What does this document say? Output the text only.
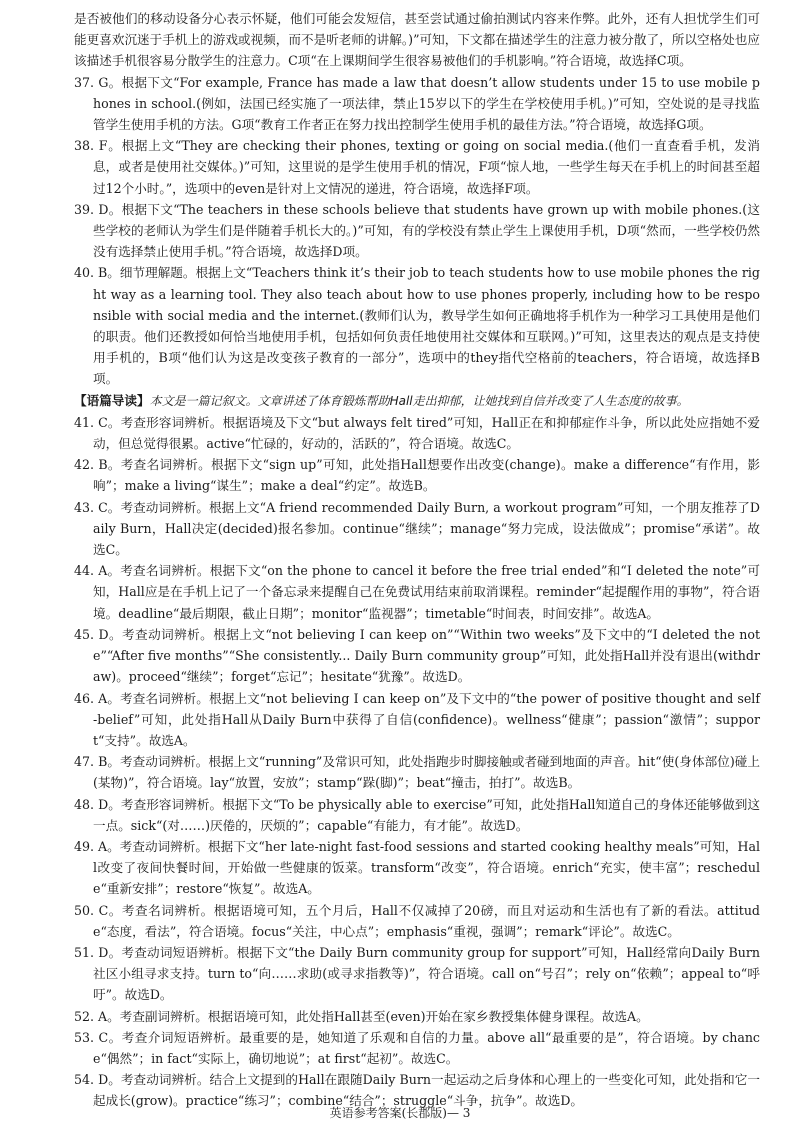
是否被他们的移动设备分心表示怀疑，他们可能会发短信，甚至尝试通过偷拍测试内容来作弊。此外，还有人担忧学生们可能更喜欢沉迷于手机上的游戏或视频，而不是听老师的讲解。)”可知，下文都在描述学生的注意力被分散了，所以空格处也应该描述手机很容易分散学生的注意力。C项“在上课期间学生很容易被他们的手机影响。”符合语境，故选择C项。

37. G。根据下文“For example, France has made a law that doesn’t allow students under 15 to use mobile phones in school.(例如，法国已经实施了一项法律，禁止15岁以下的学生在学校使用手机。)”可知，空处说的是寻找监管学生使用手机的方法。G项“教育工作者正在努力找出控制学生使用手机的最佳方法。”符合语境，故选择G项。

38. F。根据上文“They are checking their phones, texting or going on social media.(他们一直查看手机，发消息，或者是使用社交媒体。)”可知，这里说的是学生使用手机的情况，F项“惊人地，一些学生每天在手机上的时间甚至超过12个小时。”，选项中的even是针对上文情况的递进，符合语境，故选择F项。

39. D。根据下文“The teachers in these schools believe that students have grown up with mobile phones.(这些学校的老师认为学生们是伴随着手机长大的。)”可知，有的学校没有禁止学生上课使用手机，D项“然而，一些学校仍然没有选择禁止使用手机。”符合语境，故选择D项。

40. B。细节理解题。根据上文“Teachers think it’s their job to teach students how to use mobile phones the right way as a learning tool. They also teach about how to use phones properly, including how to be responsible with social media and the internet.(教师们认为，教导学生如何正确地将手机作为一种学习工具使用是他们的职责。他们还教授如何恰当地使用手机，包括如何负责任地使用社交媒体和互联网。)”可知，这里表达的观点是支持使用手机的，B项“他们认为这是改变孩子教育的一部分”，选项中的they指代空格前的teachers，符合语境，故选择B项。

【语篇导读】本文是一篇记叙文。文章讲述了体育锻炼帮助Hall走出抑郁，让她找到自信并改变了人生态度的故事。

41. C。考查形容词辨析。根据语境及下文“but always felt tired”可知，Hall正在和抑郁症作斗争，所以此处应指她不爱动，但总觉得很累。active“忙碌的，好动的，活跃的”，符合语境。故选C。

42. B。考查名词辨析。根据下文“sign up”可知，此处指Hall想要作出改变(change)。make a difference“有作用，影响”；make a living“谋生”；make a deal“约定”。故选B。

43. C。考查动词辨析。根据上文“A friend recommended Daily Burn, a workout program”可知，一个朋友推荐了Daily Burn，Hall决定(decided)报名参加。continue“继续”；manage“努力完成，设法做成”；promise“承诺”。故选C。

44. A。考查名词辨析。根据下文“on the phone to cancel it before the free trial ended”和“I deleted the note”可知，Hall应是在手机上记了一个备忘录来提醒自己在免费试用结束前取消课程。reminder“起提醒作用的事物”，符合语境。deadline“最后期限，截止日期”；monitor“监视器”；timetable“时间表，时间安排”。故选A。

45. D。考查动词辨析。根据上文“not believing I can keep on”“Within two weeks”及下文中的“I deleted the note”“After five months”“She consistently... Daily Burn community group”可知，此处指Hall并没有退出(withdraw)。proceed“继续”；forget“忘记”；hesitate“犹豫”。故选D。

46. A。考查名词辨析。根据上文“not believing I can keep on”及下文中的“the power of positive thought and self-belief”可知，此处指Hall从Daily Burn中获得了自信(confidence)。wellness“健康”；passion“激情”；support“支持”。故选A。

47. B。考查动词辨析。根据上文“running”及常识可知，此处指跑步时脚接触或者碰到地面的声音。hit“使(身体部位)碰上(某物)”，符合语境。lay“放置，安放”；stamp“跺(脚)”；beat“撞击，拍打”。故选B。

48. D。考查形容词辨析。根据下文“To be physically able to exercise”可知，此处指Hall知道自己的身体还能够做到这一点。sick“(对……)厌倦的，厌烦的”；capable“有能力，有才能”。故选D。

49. A。考查动词辨析。根据下文“her late-night fast-food sessions and started cooking healthy meals”可知，Hall改变了夜间快餐时间，开始做一些健康的饭菜。transform“改变”，符合语境。enrich“充实，使丰富”；reschedule“重新安排”；restore“恢复”。故选A。

50. C。考查名词辨析。根据语境可知，五个月后，Hall不仅减掉了20磅，而且对运动和生活也有了新的看法。attitude“态度，看法”，符合语境。focus“关注，中心点”；emphasis“重视，强调”；remark“评论”。故选C。

51. D。考查动词短语辨析。根据下文“the Daily Burn community group for support”可知，Hall经常向Daily Burn社区小组寻求支持。turn to“向……求助(或寻求指教等)”，符合语境。call on“号召”；rely on“依赖”；appeal to“呼吁”。故选D。

52. A。考查副词辨析。根据语境可知，此处指Hall甚至(even)开始在家乡教授集体健身课程。故选A。

53. C。考查介词短语辨析。最重要的是，她知道了乐观和自信的力量。above all“最重要的是”，符合语境。by chance“偶然”；in fact“实际上，确切地说”；at first“起初”。故选C。

54. D。考查动词辨析。结合上文提到的Hall在跟随Daily Burn一起运动之后身体和心理上的一些变化可知，此处指和它一起成长(grow)。practice“练习”；combine“结合”；struggle“斗争，抗争”。故选D。

英语参考答案(长郡版)— 3
